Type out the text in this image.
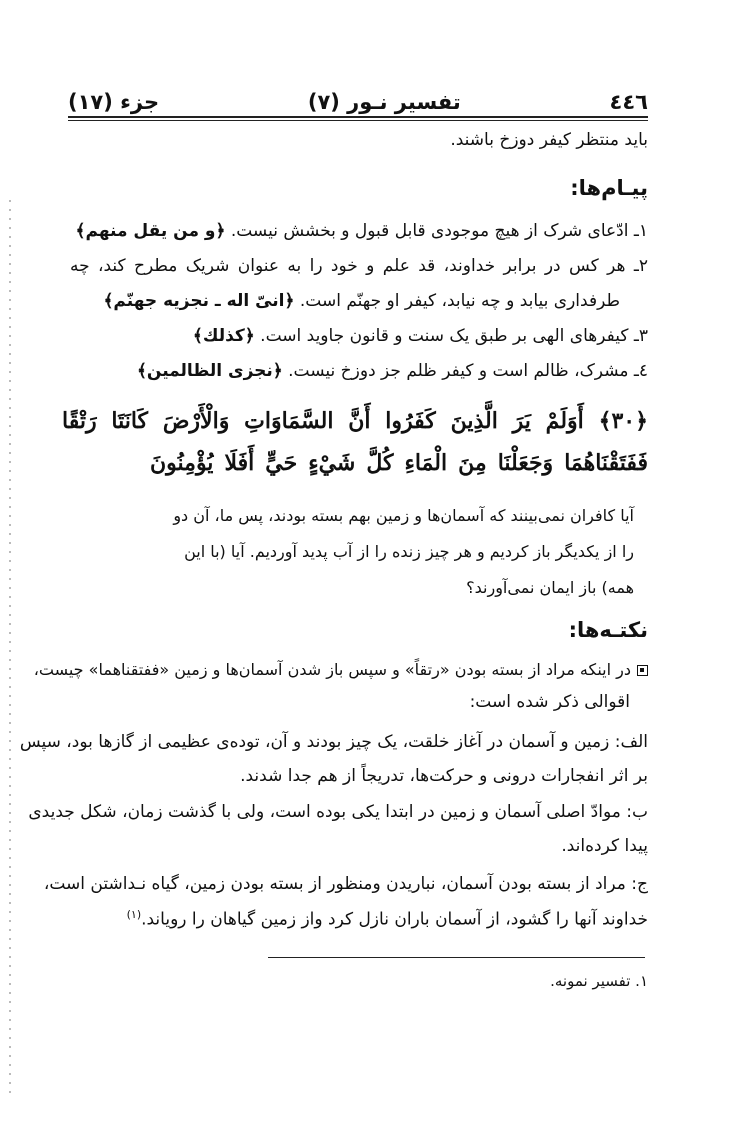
٤٤٦
تفسیر نـور (٧)
جزء (١٧)
باید منتظر کیفر دوزخ باشند.
پیـام‌ها:
١ـ ادّعای شرک از هیچ موجودی قابل قبول و بخشش نیست. ﴿و من یقل منهم﴾
٢ـ هر کس در برابر خداوند، قد علم و خود را به عنوان شریک مطرح کند، چه
طرفداری بیابد و چه نیابد، کیفر او جهنّم است. ﴿انیّ اله ـ نجزیه جهنّم﴾
٣ـ کیفرهای الهی بر طبق یک سنت و قانون جاوید است. ﴿کذلك﴾
٤ـ مشرک، ظالم است و کیفر ظلم جز دوزخ نیست. ﴿نجزی الظالمین﴾
﴿٣٠﴾ أَوَلَمْ يَرَ الَّذِينَ كَفَرُوا أَنَّ السَّمَاوَاتِ وَالْأَرْضَ كَانَتَا رَتْقًا
فَفَتَقْنَاهُمَا وَجَعَلْنَا مِنَ الْمَاءِ كُلَّ شَيْءٍ حَيٍّ أَفَلَا يُؤْمِنُونَ
آیا کافران نمی‌بینند که آسمان‌ها و زمین بهم بسته بودند، پس ما، آن دو
را از یکدیگر باز کردیم و هر چیز زنده را از آب پدید آوردیم. آیا (با این
همه) باز ایمان نمی‌آورند؟
نکتـه‌ها:
در اینکه مراد از بسته بودن «رتقاً» و سپس باز شدن آسمان‌ها و زمین «ففتقناهما» چیست،
اقوالی ذکر شده است:
الف: زمین و آسمان در آغاز خلقت، یک چیز بودند و آن، توده‌ی عظیمی از گازها بود، سپس
بر اثر انفجارات درونی و حرکت‌ها، تدریجاً از هم جدا شدند.
ب: موادّ اصلی آسمان و زمین در ابتدا یکی بوده است، ولی با گذشت زمان، شکل جدیدی
پیدا کرده‌اند.
ج: مراد از بسته بودن آسمان، نباریدن ومنظور از بسته بودن زمین، گیاه نـداشتن است،
خداوند آنها را گشود، از آسمان باران نازل کرد واز زمین گیاهان را رویاند.$^{(١)}$
١. تفسیر نمونه.
